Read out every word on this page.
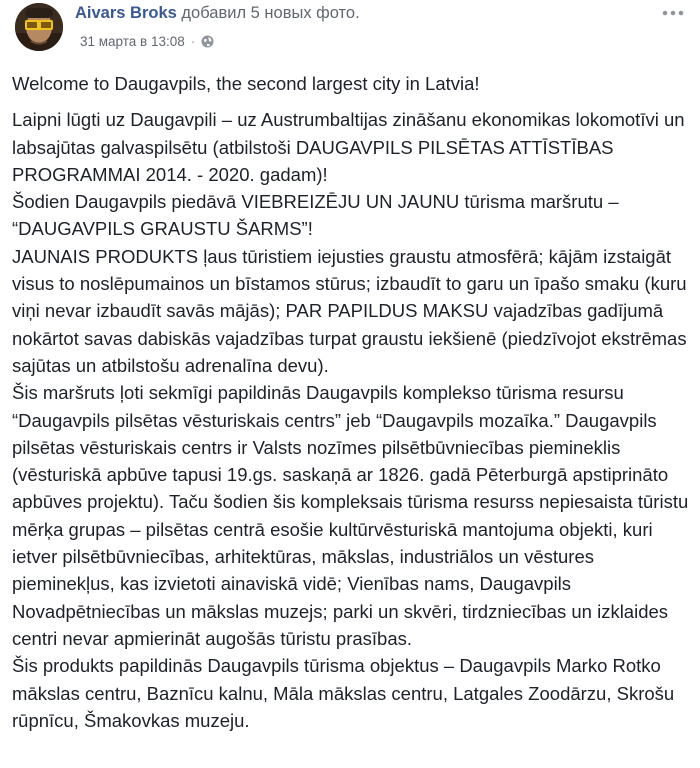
Aivars Broks добавил 5 новых фото.
31 марта в 13:08 ·

Welcome to Daugavpils, the second largest city in Latvia!

Laipni lūgti uz Daugavpili – uz Austrumbaltijas zināšanu ekonomikas lokomotīvi un labsajūtas galvaspilsētu (atbilstoši DAUGAVPILS PILSĒTAS ATTĪSTĪBAS PROGRAMMAI 2014. - 2020. gadam)!

Šodien Daugavpils piedāvā VIEBREIZĒJU UN JAUNU tūrisma maršrutu – “DAUGAVPILS GRAUSTU ŠARMS”!

JAUNAIS PRODUKTS ļaus tūristiem iejusties graustu atmosfērā; kājām izstaigāt visus to noslēpumainos un bīstamos stūrus; izbaudīt to garu un īpašo smaku (kuru viņi nevar izbaudīt savās mājās); PAR PAPILDUS MAKSU vajadzības gadījumā nokārtot savas dabiskās vajadzības turpat graustu iekšienē (piedzīvojot ekstrēmas sajūtas un atbilstošu adrenalīna devu).

Šis maršruts ļoti sekmīgi papildinās Daugavpils komplekso tūrisma resursu “Daugavpils pilsētas vēsturiskais centrs” jeb “Daugavpils mozaīka.” Daugavpils pilsētas vēsturiskais centrs ir Valsts nozīmes pilsētbūvniecības piemineklis (vēsturiskā apbūve tapusi 19.gs. saskaņā ar 1826. gadā Pēterburgā apstiprināto apbūves projektu). Taču šodien šis kompleksais tūrisma resurss nepiesaista tūristu mērķa grupas – pilsētas centrā esošie kultūrvēsturiskā mantojuma objekti, kuri ietver pilsētbūvniecības, arhitektūras, mākslas, industriālos un vēstures pieminekļus, kas izvietoti ainaviskā vidē; Vienības nams, Daugavpils Novadpētniecības un mākslas muzejs; parki un skvēri, tirdzniecības un izklaides centri nevar apmierināt augošās tūristu prasības.

Šis produkts papildinās Daugavpils tūrisma objektus – Daugavpils Marko Rotko mākslas centru, Baznīcu kalnu, Māla mākslas centru, Latgales Zoodārzu, Skrošu rūpnīcu, Šmakovkas muzeju.
